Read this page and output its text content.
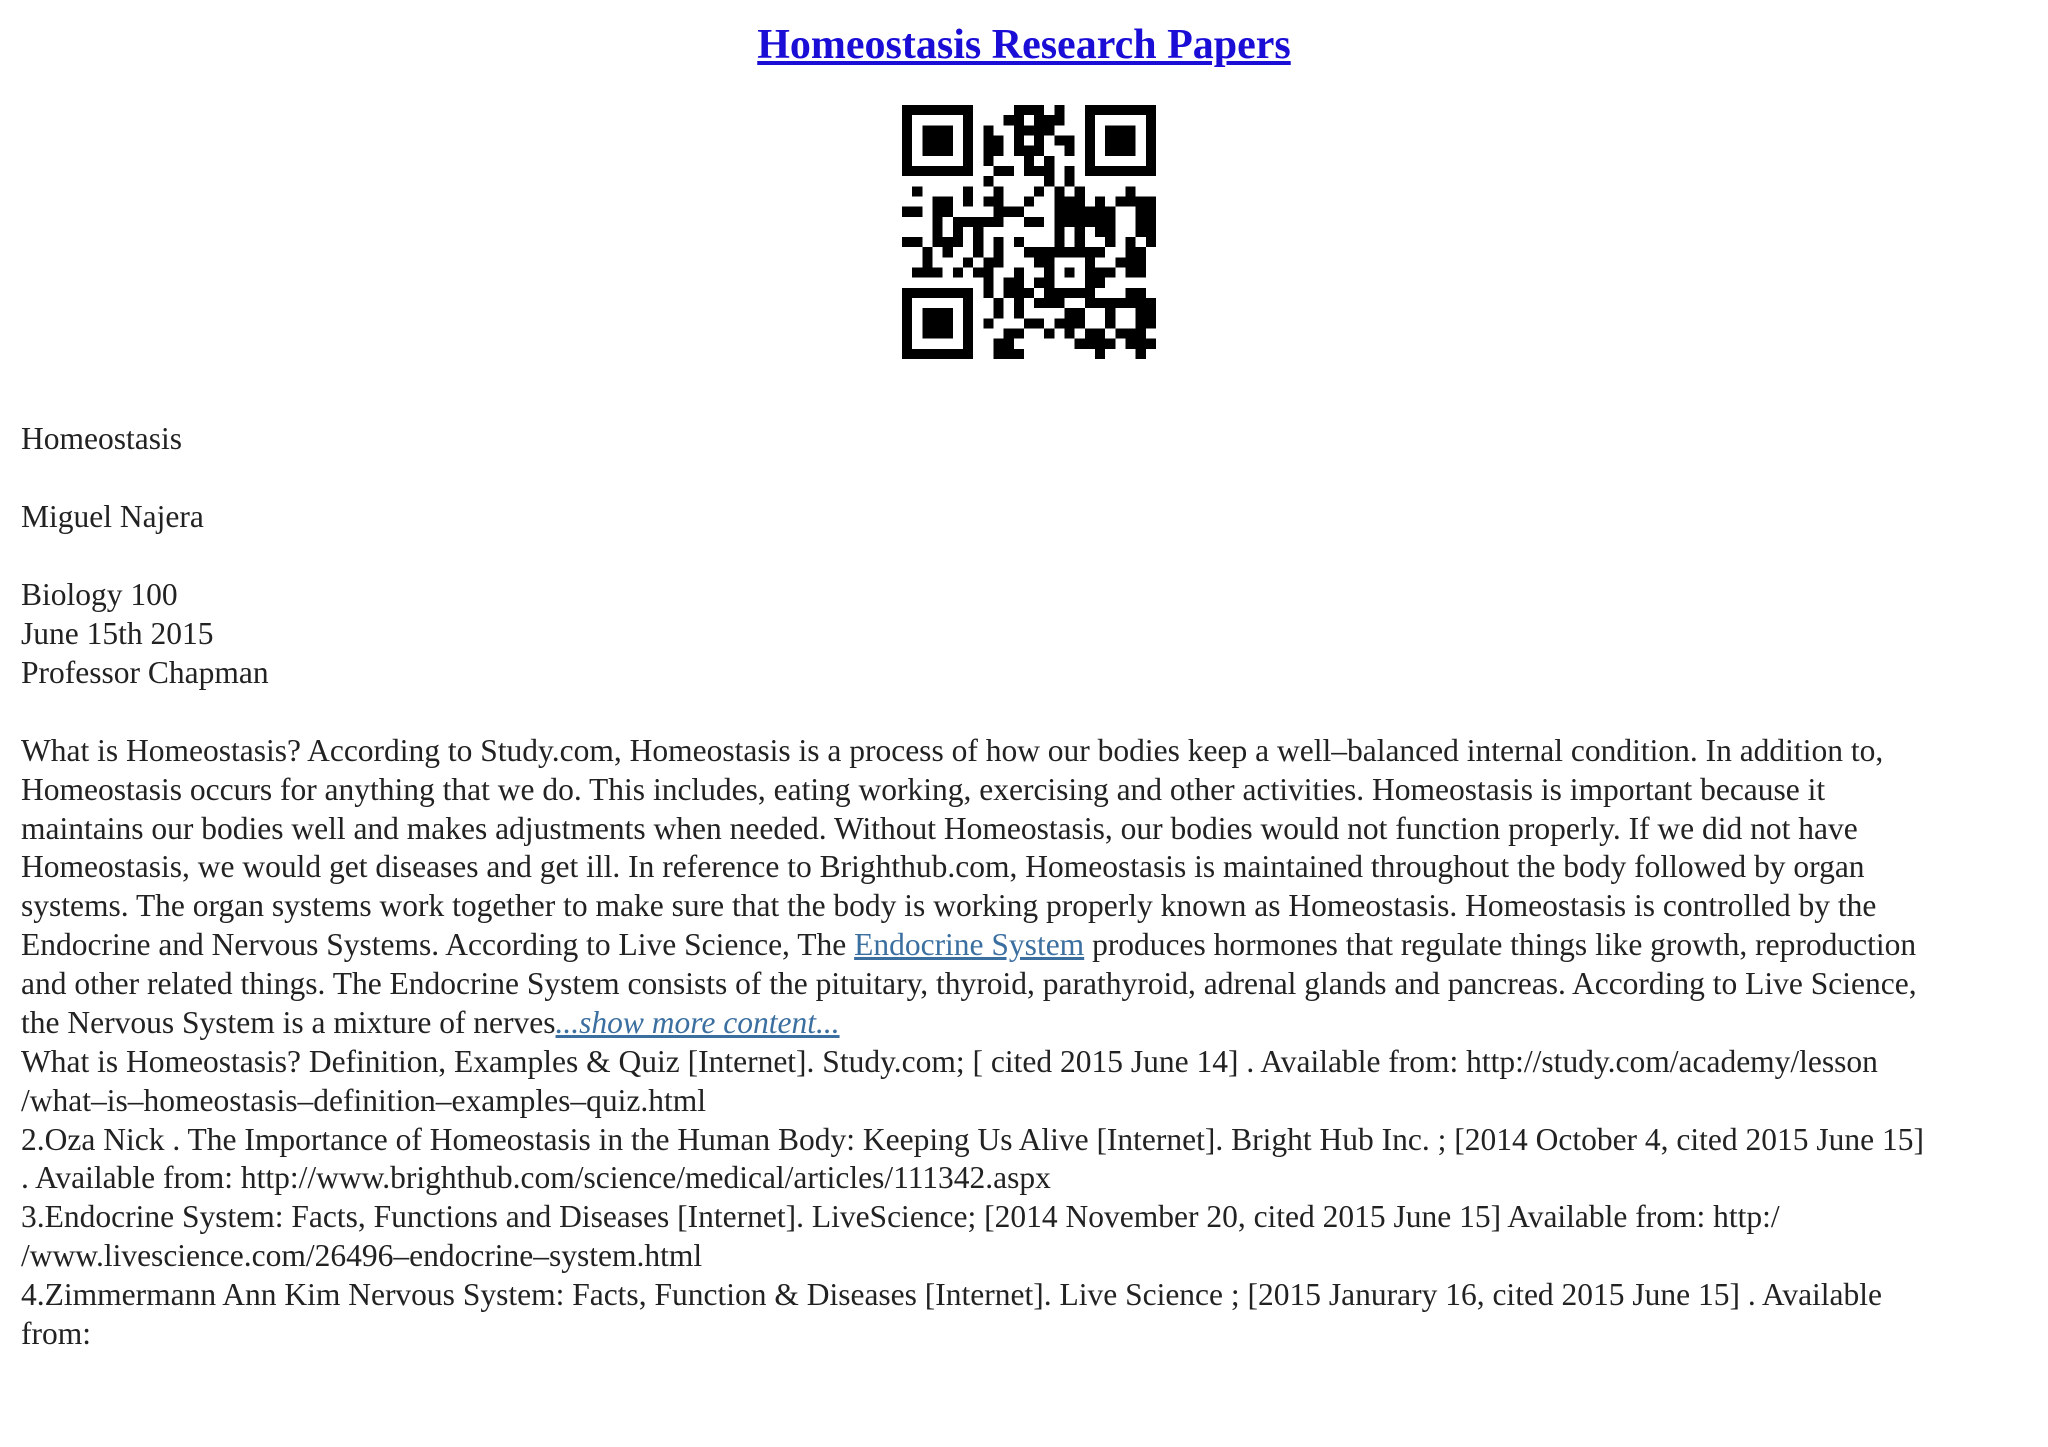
Homeostasis Research Papers
Homeostasis
Miguel Najera
Biology 100
June 15th 2015
Professor Chapman
What is Homeostasis? According to Study.com, Homeostasis is a process of how our bodies keep a well–balanced internal condition. In addition to,
Homeostasis occurs for anything that we do. This includes, eating working, exercising and other activities. Homeostasis is important because it
maintains our bodies well and makes adjustments when needed. Without Homeostasis, our bodies would not function properly. If we did not have
Homeostasis, we would get diseases and get ill. In reference to Brighthub.com, Homeostasis is maintained throughout the body followed by organ
systems. The organ systems work together to make sure that the body is working properly known as Homeostasis. Homeostasis is controlled by the
Endocrine and Nervous Systems. According to Live Science, The Endocrine System produces hormones that regulate things like growth, reproduction
and other related things. The Endocrine System consists of the pituitary, thyroid, parathyroid, adrenal glands and pancreas. According to Live Science,
the Nervous System is a mixture of nerves...show more content...
What is Homeostasis? Definition, Examples & Quiz [Internet]. Study.com; [ cited 2015 June 14] . Available from: http://study.com/academy/lesson
/what–is–homeostasis–definition–examples–quiz.html
2.Oza Nick . The Importance of Homeostasis in the Human Body: Keeping Us Alive [Internet]. Bright Hub Inc. ; [2014 October 4, cited 2015 June 15]
. Available from: http://www.brighthub.com/science/medical/articles/111342.aspx
3.Endocrine System: Facts, Functions and Diseases [Internet]. LiveScience; [2014 November 20, cited 2015 June 15] Available from: http:/
/www.livescience.com/26496–endocrine–system.html
4.Zimmermann Ann Kim Nervous System: Facts, Function & Diseases [Internet]. Live Science ; [2015 Janurary 16, cited 2015 June 15] . Available
from:
